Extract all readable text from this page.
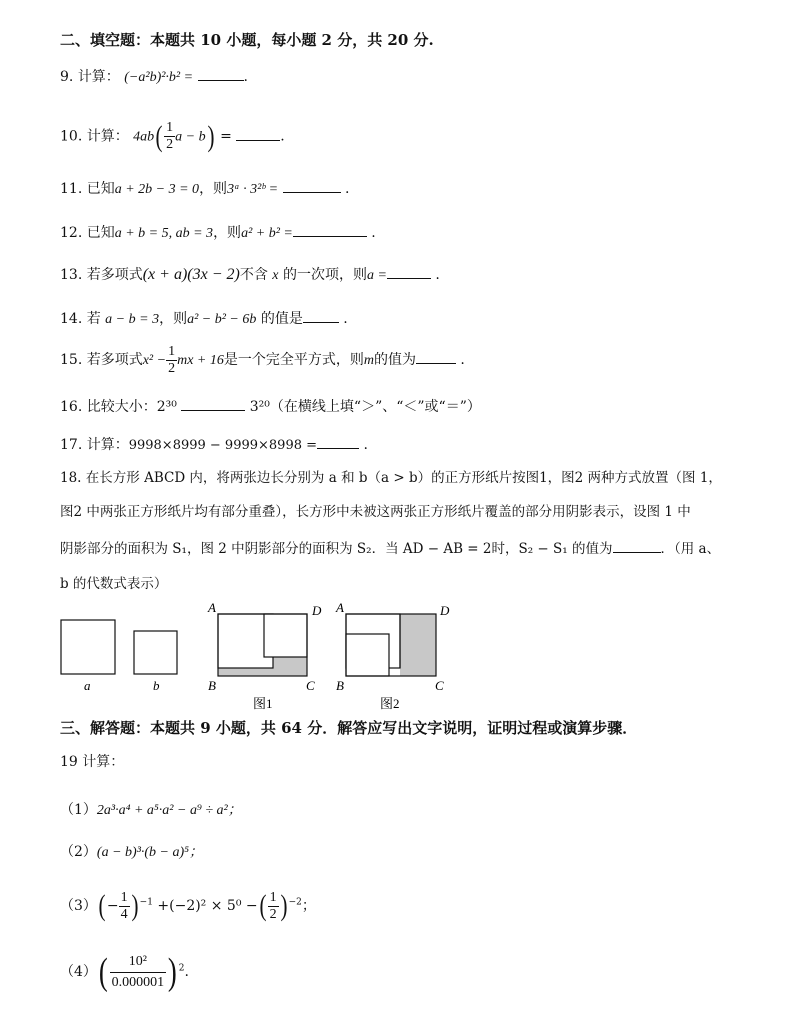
二、填空题：本题共 10 小题，每小题 2 分，共 20 分.
9. 计算： (−a²b)²·b² =	.
10. 计算： $4ab( \frac{1}{2}$ a − b) =	.
11. 已知a + 2b − 3 = 0，则3ᵃ · 3²ᵇ =	.
12. 已知a + b = 5, ab = 3，则a² + b² =	.
13. 若多项式(x + a)(3x − 2)不含 x 的一次项，则a =	.
14. 若 a − b = 3，则a² − b² − 6b 的值是	.
15. 若多项式$x^2 - \frac{1}{2}$ mx + 16是一个完全平方式，则m的值为	.
16. 比较大小：2³⁰	3²⁰（在横线上填“＞”、“＜”或“＝”）
17. 计算：9998×8999 − 9999×8998 =	.
18. 在长方形 ABCD 内，将两张边长分别为 a 和 b（a > b）的正方形纸片按图1，图2 两种方式放置（图 1，
图2 中两张正方形纸片均有部分重叠），长方形中未被这两张正方形纸片覆盖的部分用阴影表示，设图 1 中
阴影部分的面积为 S₁，图 2 中阴影部分的面积为 S₂．当 AD − AB = 2时，S₂ − S₁ 的值为	．（用 a、
b 的代数式表示）
a	b
A	D
B	C
图1
A	D
B	C
图2
三、解答题：本题共 9 小题，共 64 分．解答应写出文字说明，证明过程或演算步骤．
19 计算：
（1）2a³·a⁴ + a⁵·a² − a⁹ ÷ a²；
（2）(a − b)³·(b − a)⁵；
$(3)( - \frac{1}{4}$ ) $^{-1}$ +(−2)² × 5⁰ −( $\frac{1}{2}$ ) $^{-2}$；
$(4)( \frac{\text{10²}}{0.000001}$ ) $^2$.
